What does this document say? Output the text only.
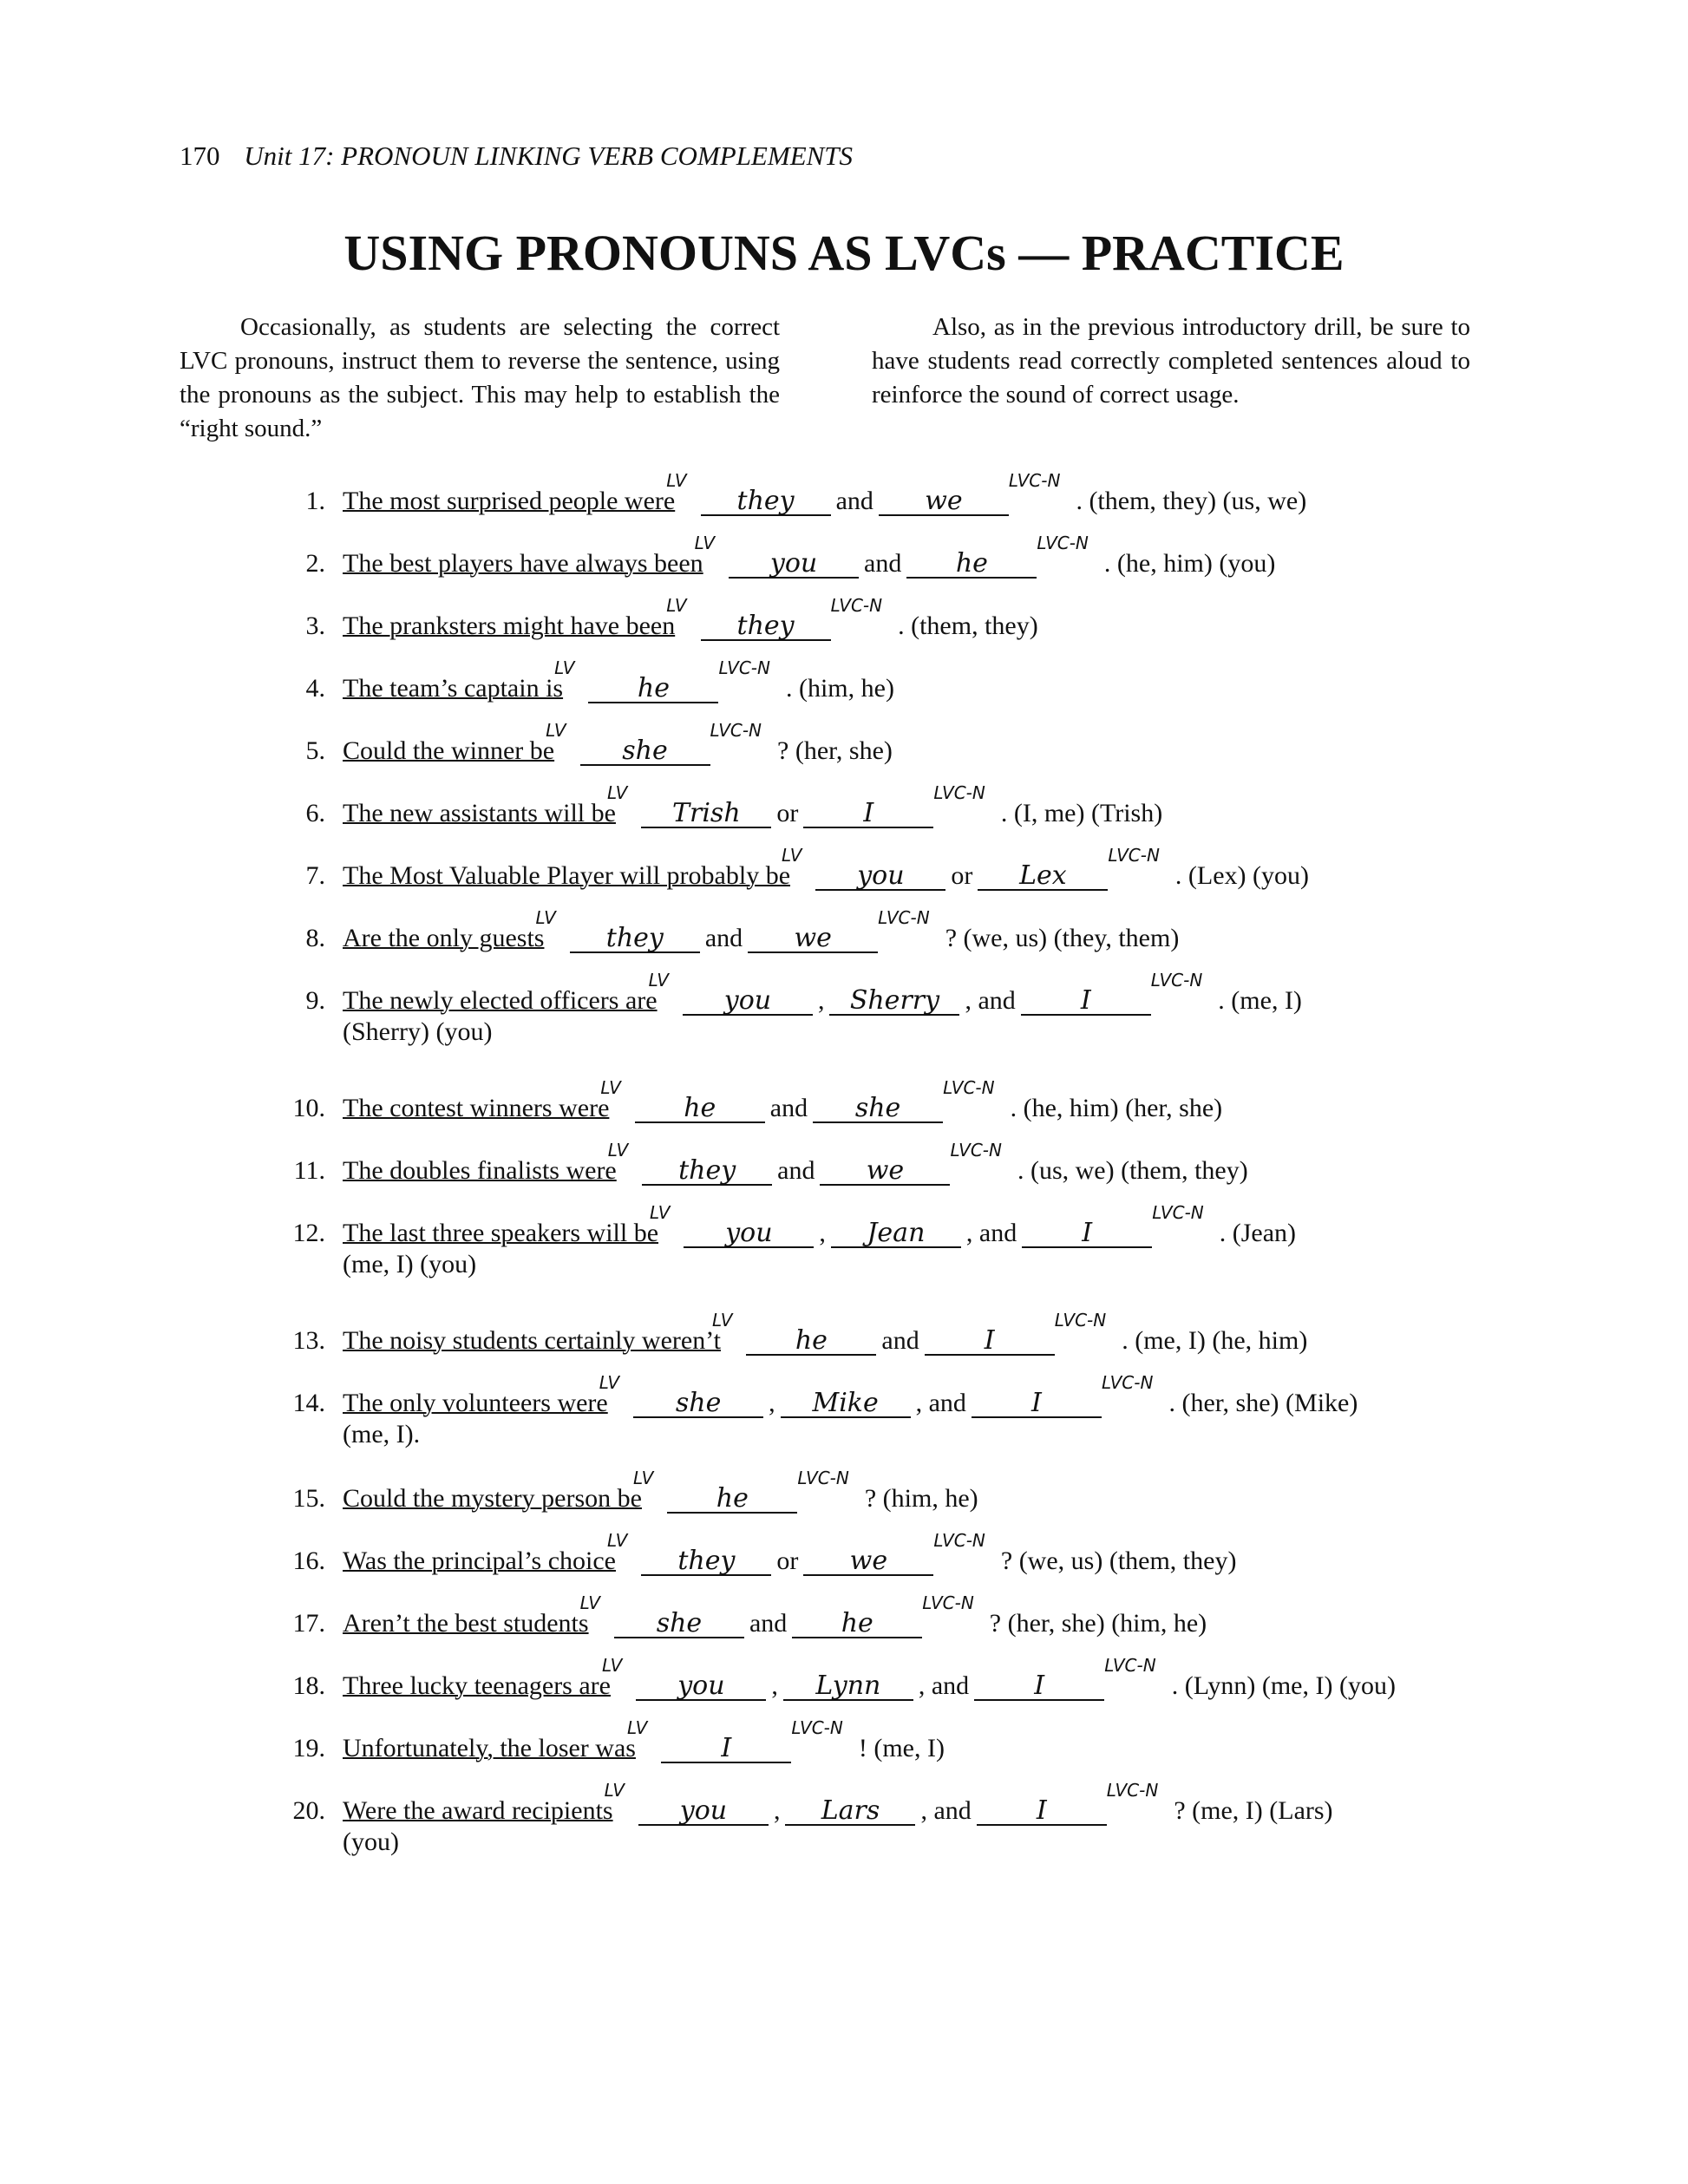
170 Unit 17: PRONOUN LINKING VERB COMPLEMENTS
USING PRONOUNS AS LVCs — PRACTICE
Occasionally, as students are selecting the correct LVC pronouns, instruct them to reverse the sentence, using the pronouns as the subject. This may help to establish the “right sound.”
Also, as in the previous introductory drill, be sure to have students read correctly completed sentences aloud to reinforce the sound of correct usage.
1. The most surprised people were$^{LV}$they and $we^{LVC-N}$. (them, they) (us, we)
2. The best players have always been$^{LV}$you and $he^{LVC-N}$. (he, him) (you)
3. The pranksters might have been$^{LV}$they$^{LVC-N}$. (them, they)
4. The team’s captain $is^{LV}he^{LVC-N}$. (him, he)
5. Could the winner $be^{LV}she^{LVC-N}$? (her, she)
6. The new assistants will $be^{LV}Trish$ or	$I^{LVC-N}$. (I, me) (Trish)
7. The Most Valuable Player will probably $be^{LV}you$ or Lex$^{LVC-N}$. (Lex) (you)
8. Are the only guests$^{LV}$they and $we^{LVC-N}$? (we, us) (they, them)
9. The newly elected officers are$^{LV}$you , Sherry , and	$I^{LVC-N}$. (me, I)
(Sherry) (you)
10. The contest winners were$^{LV}$he and she$^{LVC-N}$. (he, him) (her, she)
11. The doubles finalists were$^{LV}$they and $we^{LVC-N}$. (us, we) (them, they)
12. The last three speakers will $be^{LV}you$ , Jean , and	$I^{LVC-N}$. (Jean)
(me, I) (you)
13. The noisy students certainly $weren’t^{LV}he$ and	$I^{LVC-N}$. (me, I) (he, him)
14. The only volunteers were$^{LV}$she , Mike , and	$I^{LVC-N}$. (her, she) (Mike)
(me, I).
15. Could the mystery person $be^{LV}he^{LVC-N}$? (him, he)
16. Was the principal’s choice$^{LV}$they or $we^{LVC-N}$? (we, us) (them, they)
17. Aren’t the best students$^{LV}$she and $he^{LVC-N}$? (her, she) (him, he)
18. Three lucky teenagers are$^{LV}$you , Lynn , and	$I^{LVC-N}$. (Lynn) (me, I) (you)
19. Unfortunately, the loser $was^{LV}I^{LVC-N}$! (me, I)
20. Were the award recipients$^{LV}$you , Lars , and	$I^{LVC-N}$? (me, I) (Lars)
(you)
